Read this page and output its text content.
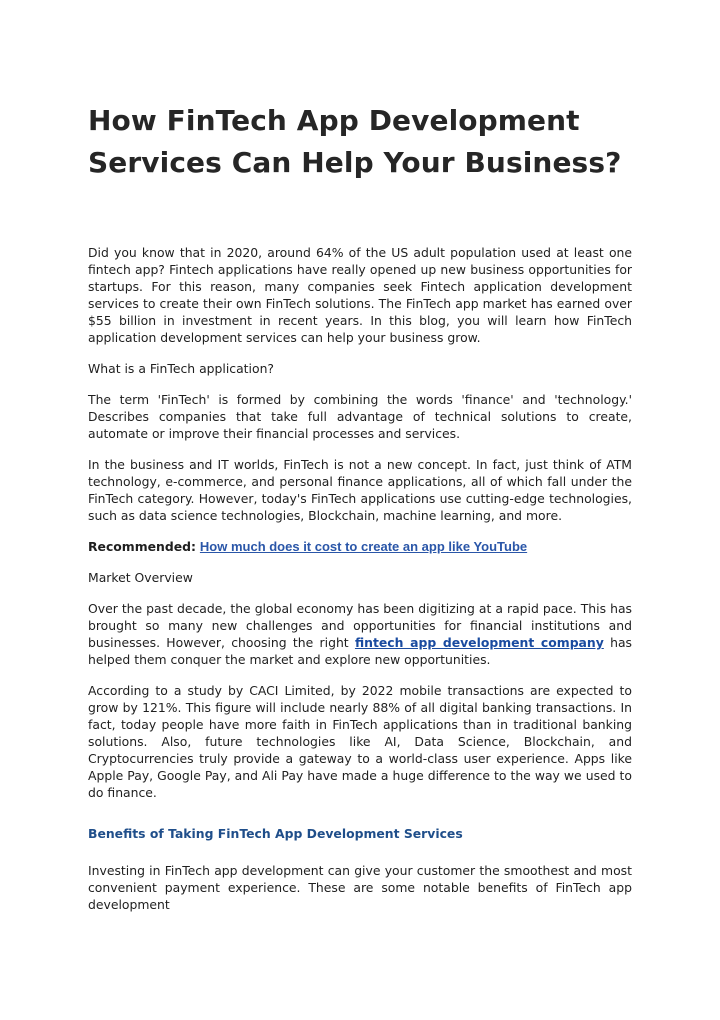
How FinTech App Development
Services Can Help Your Business?

Did you know that in 2020, around 64% of the US adult population used at least one fintech app? Fintech applications have really opened up new business opportunities for startups. For this reason, many companies seek Fintech application development services to create their own FinTech solutions. The FinTech app market has earned over $55 billion in investment in recent years. In this blog, you will learn how FinTech application development services can help your business grow.

What is a FinTech application?

The term 'FinTech' is formed by combining the words 'finance' and 'technology.' Describes companies that take full advantage of technical solutions to create, automate or improve their financial processes and services.

In the business and IT worlds, FinTech is not a new concept. In fact, just think of ATM technology, e-commerce, and personal finance applications, all of which fall under the FinTech category. However, today's FinTech applications use cutting-edge technologies, such as data science technologies, Blockchain, machine learning, and more.

Recommended: How much does it cost to create an app like YouTube

Market Overview

Over the past decade, the global economy has been digitizing at a rapid pace. This has brought so many new challenges and opportunities for financial institutions and businesses. However, choosing the right fintech app development company has helped them conquer the market and explore new opportunities.

According to a study by CACI Limited, by 2022 mobile transactions are expected to grow by 121%. This figure will include nearly 88% of all digital banking transactions. In fact, today people have more faith in FinTech applications than in traditional banking solutions. Also, future technologies like AI, Data Science, Blockchain, and Cryptocurrencies truly provide a gateway to a world-class user experience. Apps like Apple Pay, Google Pay, and Ali Pay have made a huge difference to the way we used to do finance.

Benefits of Taking FinTech App Development Services

Investing in FinTech app development can give your customer the smoothest and most convenient payment experience. These are some notable benefits of FinTech app development
